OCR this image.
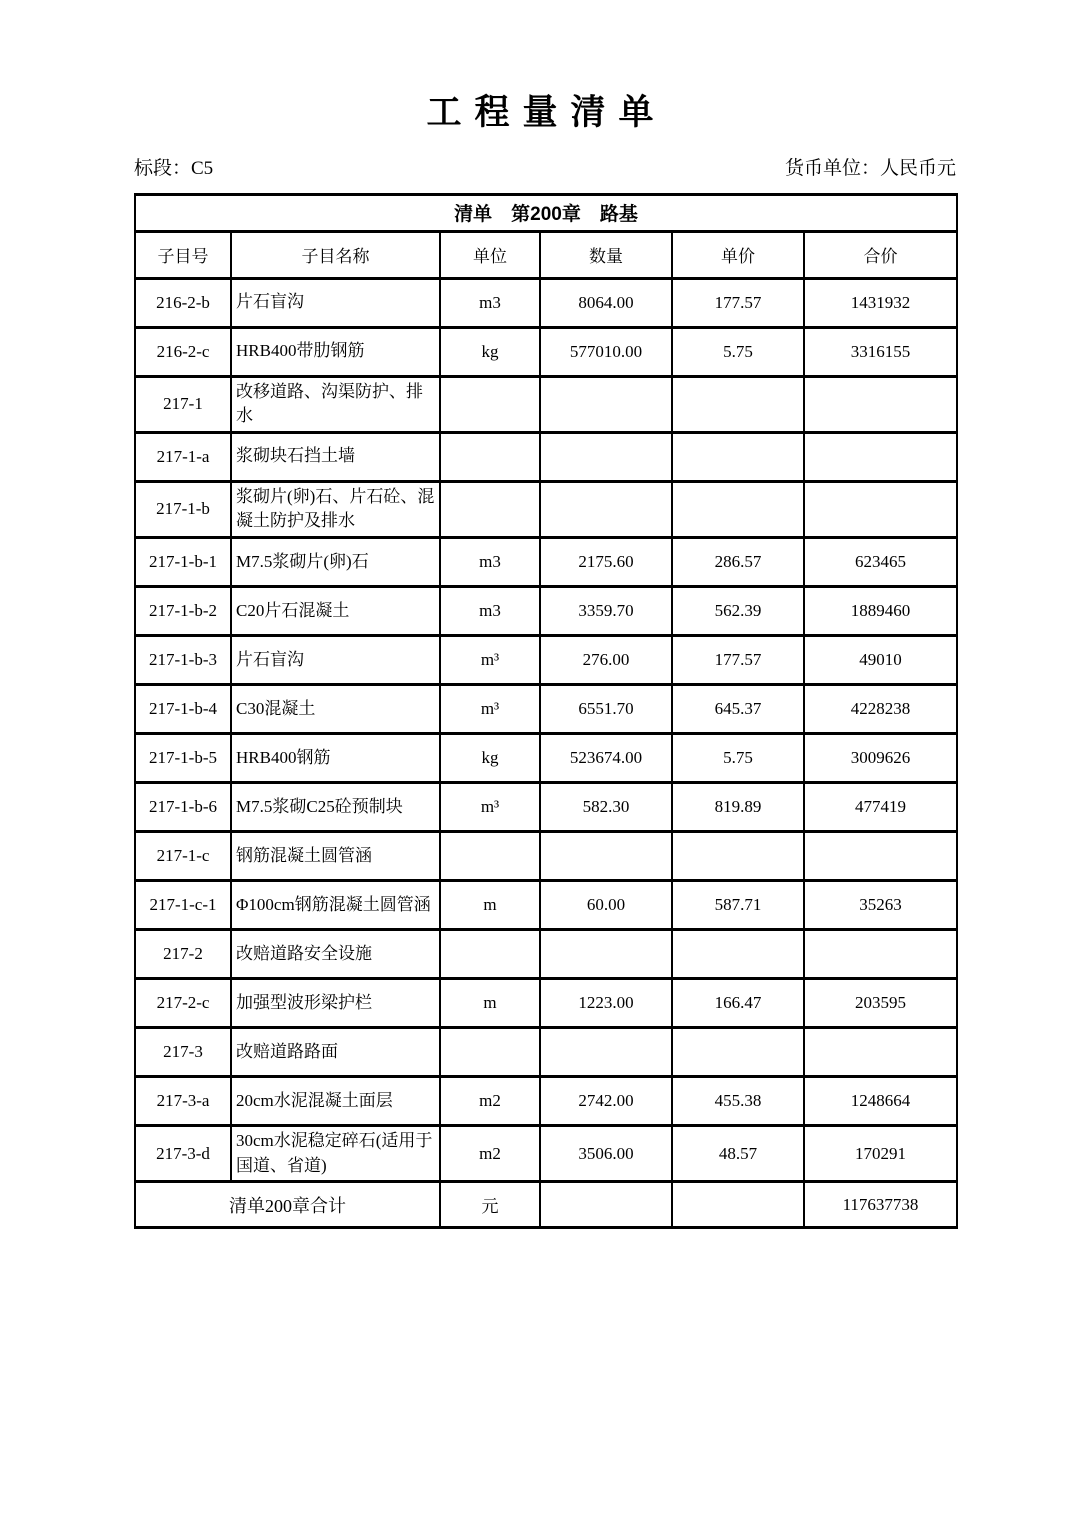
工程量清单
标段：C5	货币单位：人民币元
清单　第200章　路基					
子目号	子目名称	单位	数量	单价	合价
216-2-b	片石盲沟	m3	8064.00	177.57	1431932
216-2-c	HRB400带肋钢筋	kg	577010.00	5.75	3316155
217-1	改移道路、沟渠防护、排水				
217-1-a	浆砌块石挡土墙				
217-1-b	浆砌片(卵)石、片石砼、混凝土防护及排水				
217-1-b-1	M7.5浆砌片(卵)石	m3	2175.60	286.57	623465
217-1-b-2	C20片石混凝土	m3	3359.70	562.39	1889460
217-1-b-3	片石盲沟	m³	276.00	177.57	49010
217-1-b-4	C30混凝土	m³	6551.70	645.37	4228238
217-1-b-5	HRB400钢筋	kg	523674.00	5.75	3009626
217-1-b-6	M7.5浆砌C25砼预制块	m³	582.30	819.89	477419
217-1-c	钢筋混凝土圆管涵				
217-1-c-1	Φ100cm钢筋混凝土圆管涵	m	60.00	587.71	35263
217-2	改赔道路安全设施				
217-2-c	加强型波形梁护栏	m	1223.00	166.47	203595
217-3	改赔道路路面				
217-3-a	20cm水泥混凝土面层	m2	2742.00	455.38	1248664
217-3-d	30cm水泥稳定碎石(适用于国道、省道)	m2	3506.00	48.57	170291
清单200章合计		元			117637738
